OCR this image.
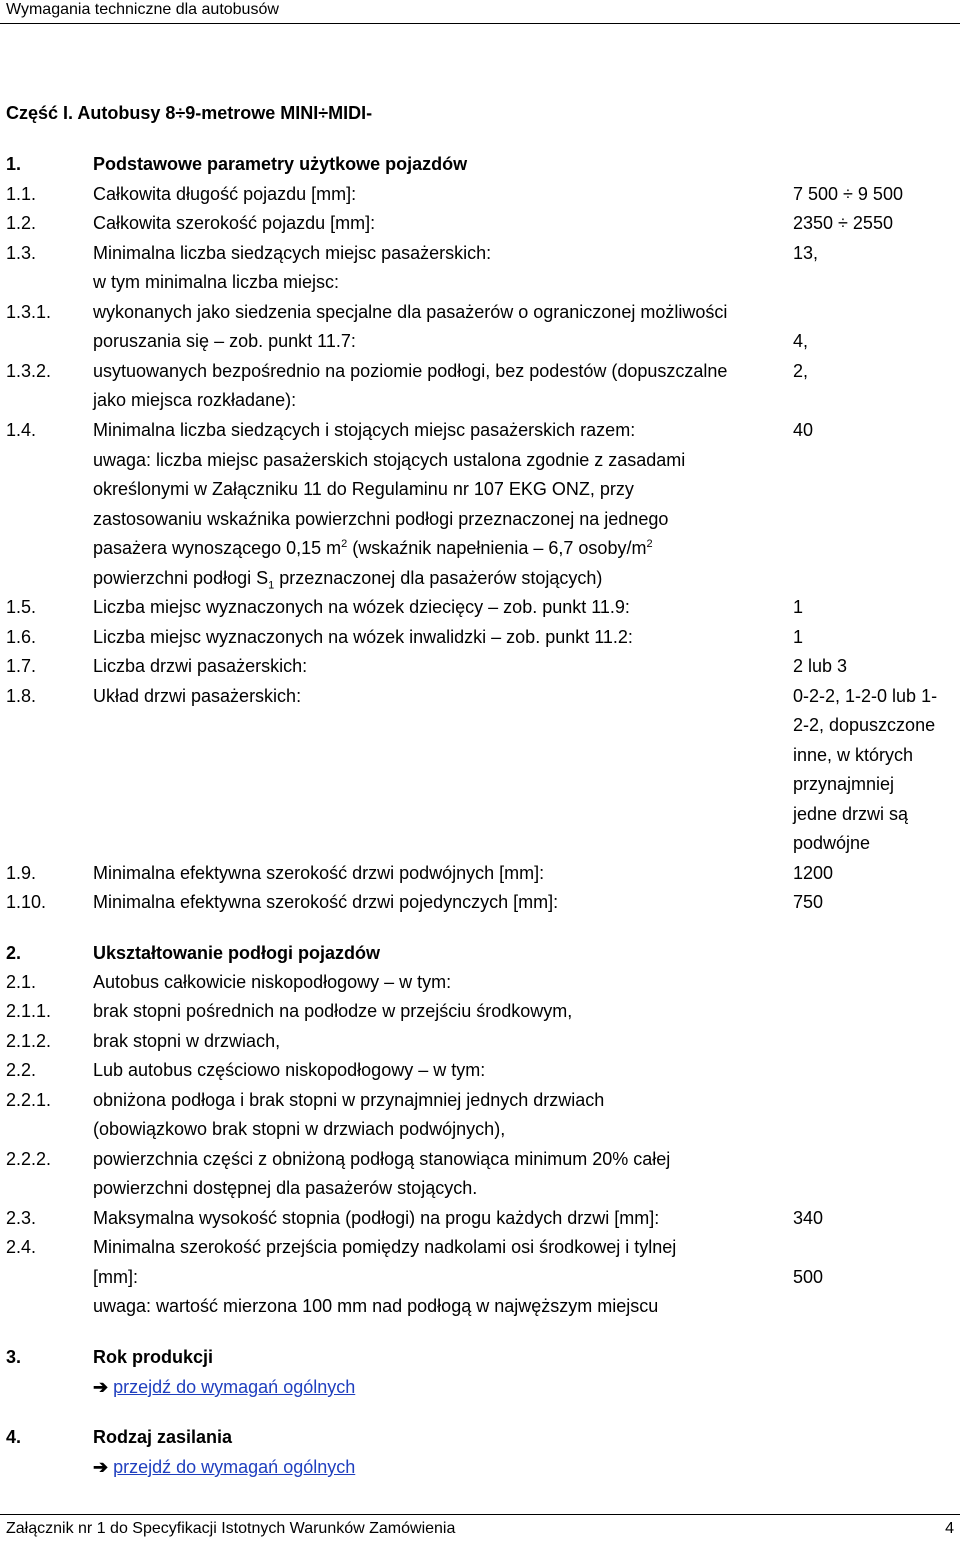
Wymagania techniczne dla autobusów
Część I. Autobusy 8÷9-metrowe MINI÷MIDI-
1.	Podstawowe parametry użytkowe pojazdów
1.1.	Całkowita długość pojazdu [mm]:	7 500 ÷ 9 500
1.2.	Całkowita szerokość pojazdu [mm]:	2350 ÷ 2550
1.3.	Minimalna liczba siedzących miejsc pasażerskich:	13,
w tym minimalna liczba miejsc:
1.3.1. wykonanych jako siedzenia specjalne dla pasażerów o ograniczonej możliwości
poruszania się – zob. punkt 11.7:	4,
1.3.2. usytuowanych bezpośrednio na poziomie podłogi, bez podestów (dopuszczalne	2,
jako miejsca rozkładane):
1.4.	Minimalna liczba siedzących i stojących miejsc pasażerskich razem:	40
uwaga: liczba miejsc pasażerskich stojących ustalona zgodnie z zasadami
określonymi w Załączniku 11 do Regulaminu nr 107 EKG ONZ, przy
zastosowaniu wskaźnika powierzchni podłogi przeznaczonej na jednego
pasażera wynoszącego 0,15 $m^2$ (wskaźnik napełnienia – 6,7 osoby/$m^2$
powierzchni podłogi $S_1$ przeznaczonej dla pasażerów stojących)
1.5.	Liczba miejsc wyznaczonych na wózek dziecięcy – zob. punkt 11.9:	1
1.6.	Liczba miejsc wyznaczonych na wózek inwalidzki – zob. punkt 11.2:	1
1.7.	Liczba drzwi pasażerskich:	2 lub 3
1.8.	Układ drzwi pasażerskich:	0-2-2, 1-2-0 lub 1-
2-2, dopuszczone
inne, w których
przynajmniej
jedne drzwi są
podwójne
1.9.	Minimalna efektywna szerokość drzwi podwójnych [mm]:	1200
1.10.	Minimalna efektywna szerokość drzwi pojedynczych [mm]:	750
2.	Ukształtowanie podłogi pojazdów
2.1.	Autobus całkowicie niskopodłogowy – w tym:
2.1.1. brak stopni pośrednich na podłodze w przejściu środkowym,
2.1.2. brak stopni w drzwiach,
2.2.	Lub autobus częściowo niskopodłogowy – w tym:
2.2.1. obniżona podłoga i brak stopni w przynajmniej jednych drzwiach
(obowiązkowo brak stopni w drzwiach podwójnych),
2.2.2. powierzchnia części z obniżoną podłogą stanowiąca minimum 20% całej
powierzchni dostępnej dla pasażerów stojących.
2.3.	Maksymalna wysokość stopnia (podłogi) na progu każdych drzwi [mm]:	340
2.4.	Minimalna szerokość przejścia pomiędzy nadkolami osi środkowej i tylnej
[mm]:	500
uwaga: wartość mierzona 100 mm nad podłogą w najwęższym miejscu
3.	Rok produkcji
➔ przejdź do wymagań ogólnych
4.	Rodzaj zasilania
➔ przejdź do wymagań ogólnych
Załącznik nr 1 do Specyfikacji Istotnych Warunków Zamówienia	4
